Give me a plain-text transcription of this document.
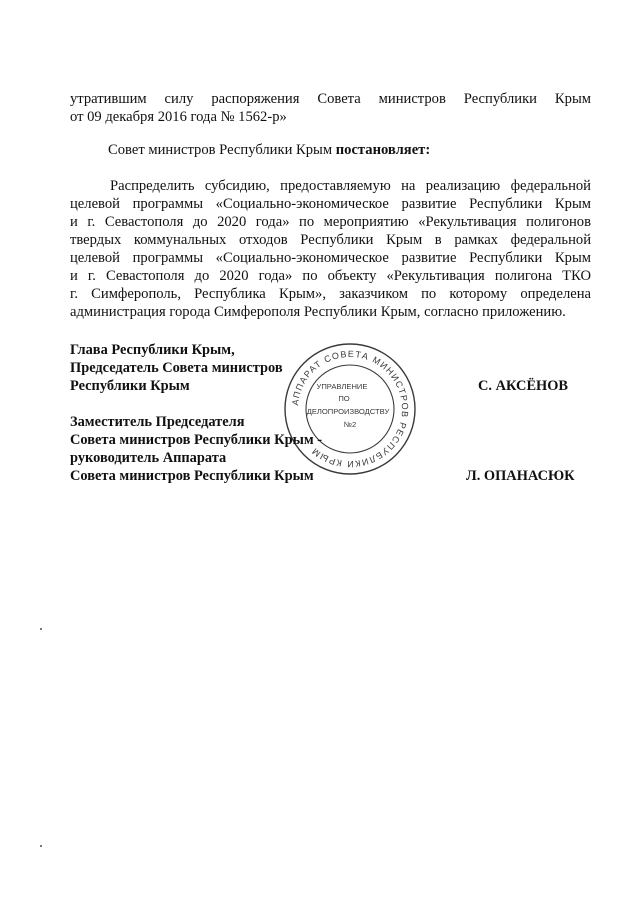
утратившим силу распоряжения Совета министров Республики Крым
от 09 декабря 2016 года № 1562-р»
Совет министров Республики Крым постановляет:
Распределить субсидию, предоставляемую на реализацию федеральной
целевой программы «Социально-экономическое развитие Республики Крым
и г. Севастополя до 2020 года» по мероприятию «Рекультивация полигонов
твердых коммунальных отходов Республики Крым в рамках федеральной
целевой программы «Социально-экономическое развитие Республики Крым
и г. Севастополя до 2020 года» по объекту «Рекультивация полигона ТКО
г. Симферополь, Республика Крым», заказчиком по которому определена
администрация города Симферополя Республики Крым, согласно приложению.
АППАРАТ СОВЕТА МИНИСТРОВ РЕСПУБЛИКИ КРЫМ
УПРАВЛЕНИЕ
ПО
ДЕЛОПРОИЗВОДСТВУ
№2
Глава Республики Крым,
Председатель Совета министров
Республики Крым	С. АКСЁНОВ
Заместитель Председателя
Совета министров Республики Крым -
руководитель Аппарата
Совета министров Республики Крым	Л. ОПАНАСЮК
